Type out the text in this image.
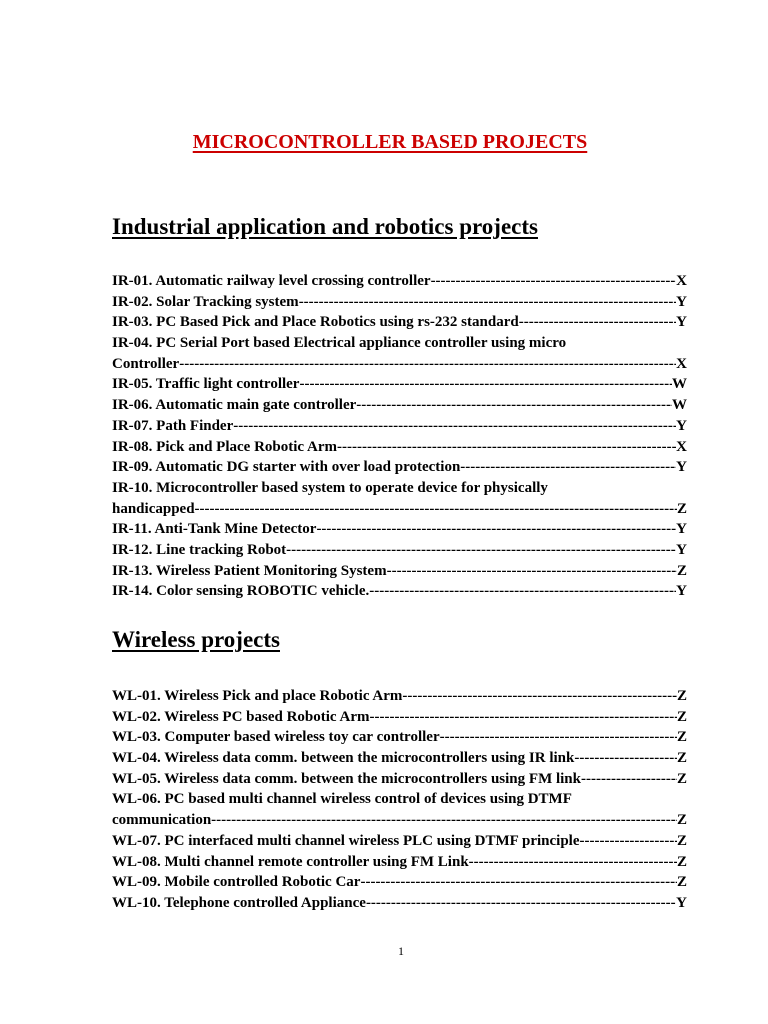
MICROCONTROLLER BASED PROJECTS
Industrial application and robotics projects
IR-01. Automatic railway level crossing controller -----	X
IR-02. Solar Tracking system -----	Y
IR-03. PC Based Pick and Place Robotics using rs-232 standard -----	Y
IR-04. PC Serial Port based Electrical appliance controller using micro
Controller -----	X
IR-05. Traffic light controller -----	W
IR-06. Automatic main gate controller -----	W
IR-07. Path Finder -----	Y
IR-08. Pick and Place Robotic Arm -----	X
IR-09. Automatic DG starter with over load protection -----	Y
IR-10. Microcontroller based system to operate device for physically
handicapped -----	Z
IR-11. Anti-Tank Mine Detector -----	Y
IR-12. Line tracking Robot -----	Y
IR-13. Wireless Patient Monitoring System -----	Z
IR-14. Color sensing ROBOTIC vehicle. -----	Y
Wireless projects
WL-01. Wireless Pick and place Robotic Arm -----	Z
WL-02. Wireless PC based Robotic Arm -----	Z
WL-03. Computer based wireless toy car controller -----	Z
WL-04. Wireless data comm. between the microcontrollers using IR link -----	Z
WL-05. Wireless data comm. between the microcontrollers using FM link -----	Z
WL-06. PC based multi channel wireless control of devices using DTMF
communication -----	Z
WL-07. PC interfaced multi channel wireless PLC using DTMF principle -----	Z
WL-08. Multi channel remote controller using FM Link -----	Z
WL-09. Mobile controlled Robotic Car -----	Z
WL-10. Telephone controlled Appliance -----	Y
1
